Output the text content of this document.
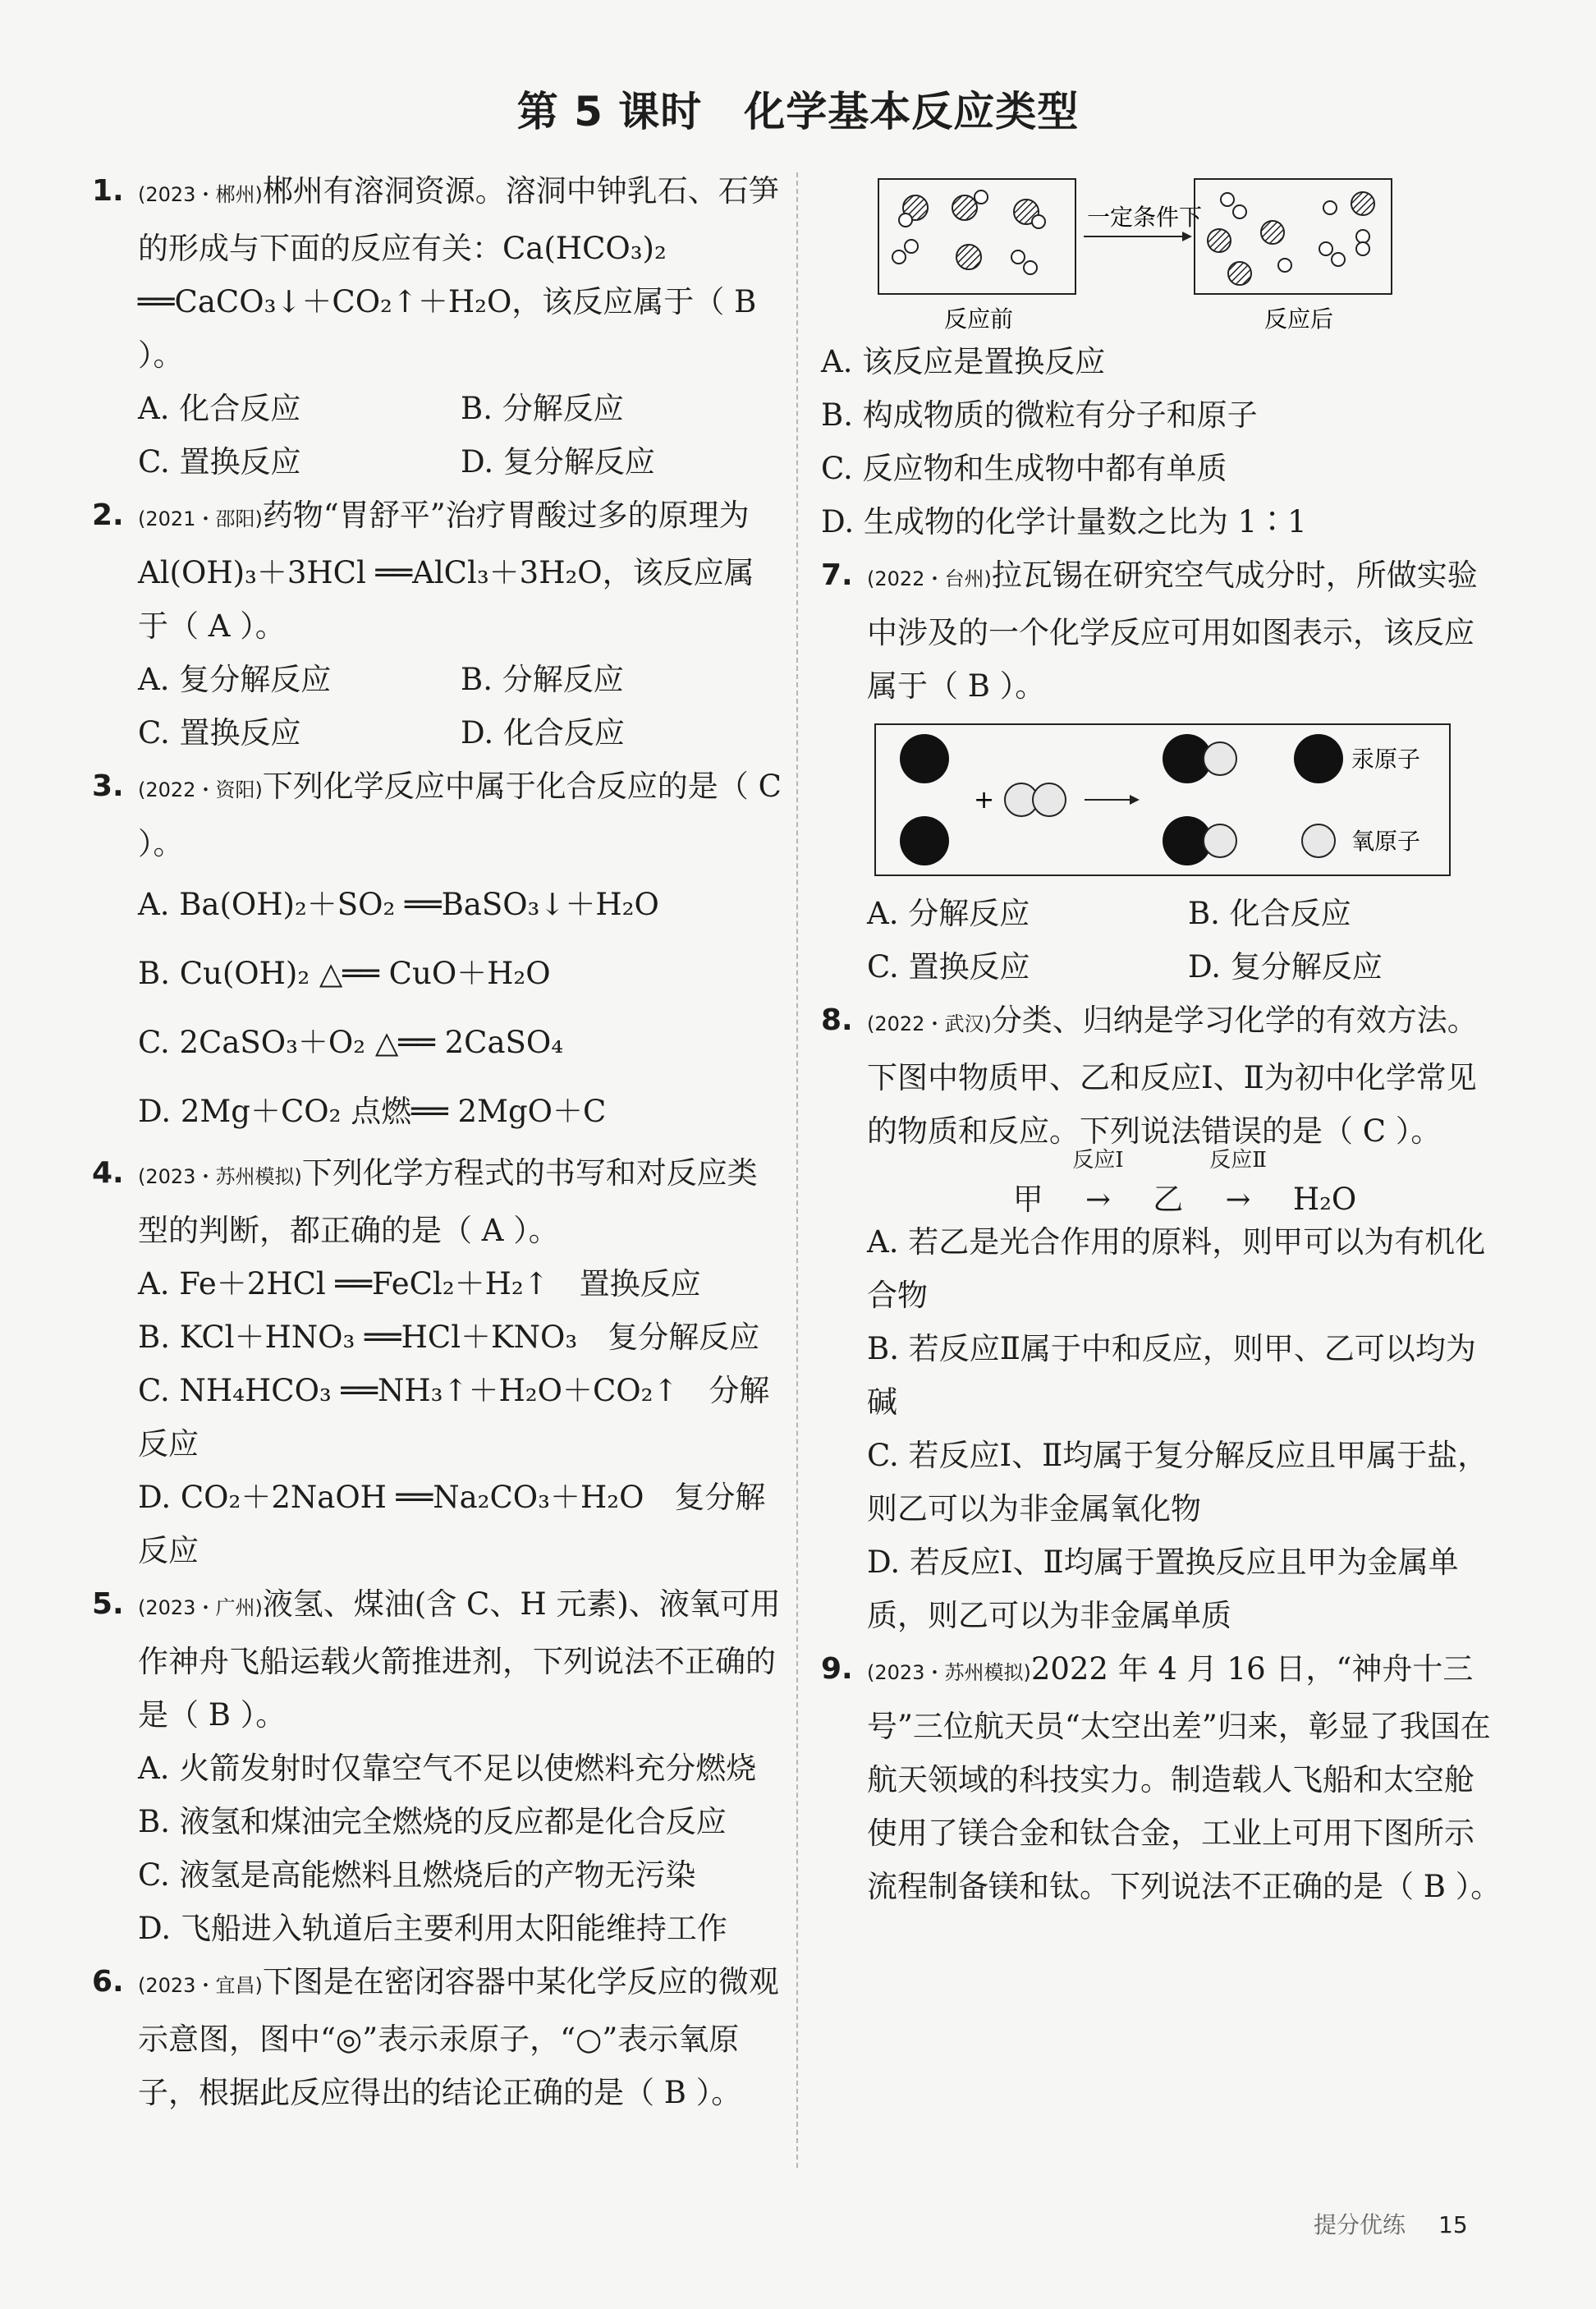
第 5 课时　化学基本反应类型
1. (2023・郴州)郴州有溶洞资源。溶洞中钟乳石、石笋的形成与下面的反应有关：Ca(HCO₃)₂ ══CaCO₃↓＋CO₂↑＋H₂O，该反应属于（ B ）。
A. 化合反应	B. 分解反应
C. 置换反应	D. 复分解反应
2. (2021・邵阳)药物“胃舒平”治疗胃酸过多的原理为 Al(OH)₃＋3HCl ══AlCl₃＋3H₂O，该反应属于（ A ）。
A. 复分解反应	B. 分解反应
C. 置换反应	D. 化合反应
3. (2022・资阳)下列化学反应中属于化合反应的是（ C ）。
A. Ba(OH)₂＋SO₂ ══BaSO₃↓＋H₂O
B. Cu(OH)₂ △══ CuO＋H₂O
C. 2CaSO₃＋O₂ △══ 2CaSO₄
D. 2Mg＋CO₂ 点燃══ 2MgO＋C
4. (2023・苏州模拟)下列化学方程式的书写和对反应类型的判断，都正确的是（ A ）。
A. Fe＋2HCl ══FeCl₂＋H₂↑　置换反应
B. KCl＋HNO₃ ══HCl＋KNO₃　复分解反应
C. NH₄HCO₃ ══NH₃↑＋H₂O＋CO₂↑　分解反应
D. CO₂＋2NaOH ══Na₂CO₃＋H₂O　复分解反应
5. (2023・广州)液氢、煤油(含 C、H 元素)、液氧可用作神舟飞船运载火箭推进剂，下列说法不正确的是（ B ）。
A. 火箭发射时仅靠空气不足以使燃料充分燃烧
B. 液氢和煤油完全燃烧的反应都是化合反应
C. 液氢是高能燃料且燃烧后的产物无污染
D. 飞船进入轨道后主要利用太阳能维持工作
6. (2023・宜昌)下图是在密闭容器中某化学反应的微观示意图，图中“◎”表示汞原子，“○”表示氧原子，根据此反应得出的结论正确的是（ B ）。
一定条件下
反应前	反应后
A. 该反应是置换反应
B. 构成物质的微粒有分子和原子
C. 反应物和生成物中都有单质
D. 生成物的化学计量数之比为 1∶1
7. (2022・台州)拉瓦锡在研究空气成分时，所做实验中涉及的一个化学反应可用如图表示，该反应属于（ B ）。
+
汞原子
氧原子
A. 分解反应	B. 化合反应
C. 置换反应	D. 复分解反应
8. (2022・武汉)分类、归纳是学习化学的有效方法。下图中物质甲、乙和反应Ⅰ、Ⅱ为初中化学常见的物质和反应。下列说法错误的是（ C ）。
甲
反应Ⅰ
→ 乙
反应Ⅱ
→ H₂O
A. 若乙是光合作用的原料，则甲可以为有机化合物
B. 若反应Ⅱ属于中和反应，则甲、乙可以均为碱
C. 若反应Ⅰ、Ⅱ均属于复分解反应且甲属于盐，则乙可以为非金属氧化物
D. 若反应Ⅰ、Ⅱ均属于置换反应且甲为金属单质，则乙可以为非金属单质
9. (2023・苏州模拟)2022 年 4 月 16 日，“神舟十三号”三位航天员“太空出差”归来，彰显了我国在航天领域的科技实力。制造载人飞船和太空舱使用了镁合金和钛合金，工业上可用下图所示流程制备镁和钛。下列说法不正确的是（ B ）。
提分优练 15
